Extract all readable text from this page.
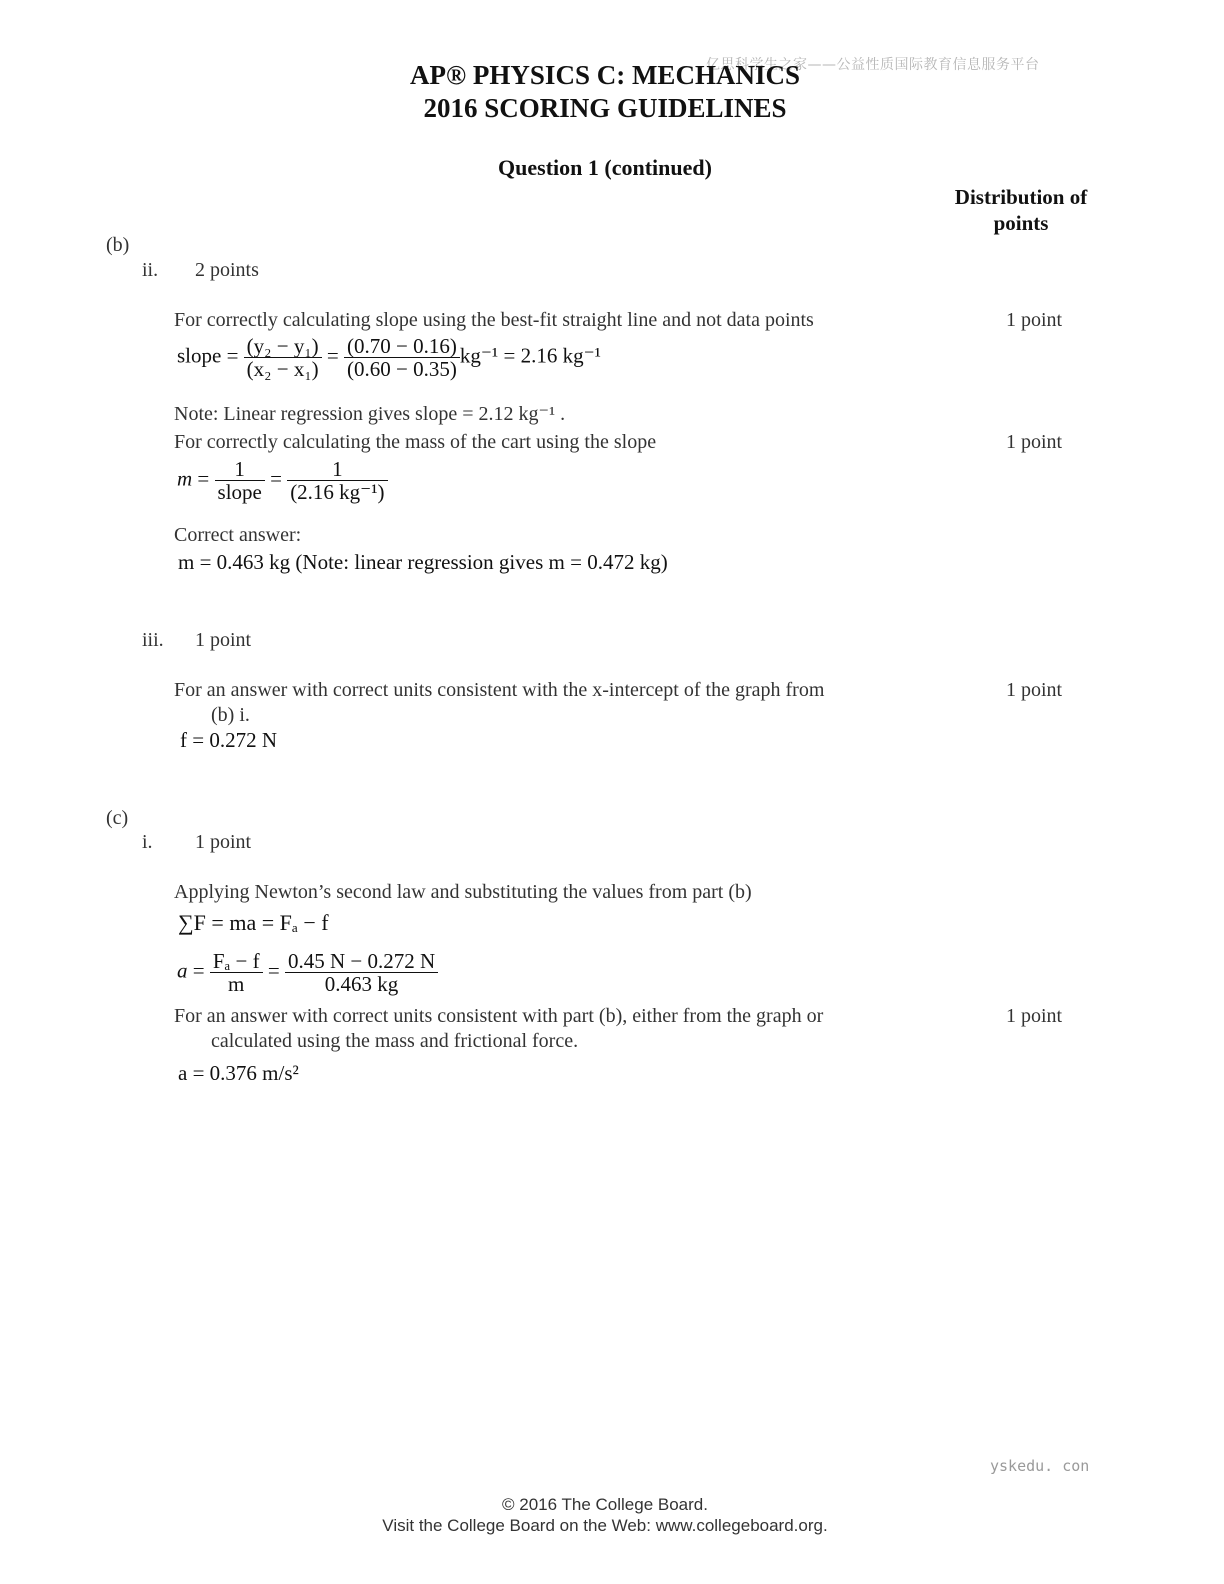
亿思科学生之家——公益性质国际教育信息服务平台
AP® PHYSICS C: MECHANICS
2016 SCORING GUIDELINES
Question 1 (continued)
Distribution of points
(b)
ii. 2 points
For correctly calculating slope using the best-fit straight line and not data points	1 point
slope = $\frac{\text{(y₂ − y₁)}}{\text{(x₂ − x₁)}} = \frac{(0.70 - 0.16)}{(0.60 - 0.35)} kg^{-1} = 2.16$ kg⁻¹
Note: Linear regression gives slope = 2.12 kg⁻¹ .
For correctly calculating the mass of the cart using the slope	1 point
$m = \frac{1}{\text{slope}} = \frac{1}{\text{(2.16 kg⁻¹)}}$
Correct answer:
m = 0.463 kg (Note: linear regression gives m = 0.472 kg)
iii. 1 point
For an answer with correct units consistent with the x-intercept of the graph from
(b) i.
1 point
f = 0.272 N
(c)
i. 1 point
Applying Newton’s second law and substituting the values from part (b)
∑F = ma = Fₐ − f
$a = \frac{\text{Fₐ − f}}{m} = \frac{0.45 N - 0.272 N}{0.463 kg}$
For an answer with correct units consistent with part (b), either from the graph or
calculated using the mass and frictional force.
1 point
a = 0.376 m/s²
yskedu. con
© 2016 The College Board.
Visit the College Board on the Web: www.collegeboard.org.
